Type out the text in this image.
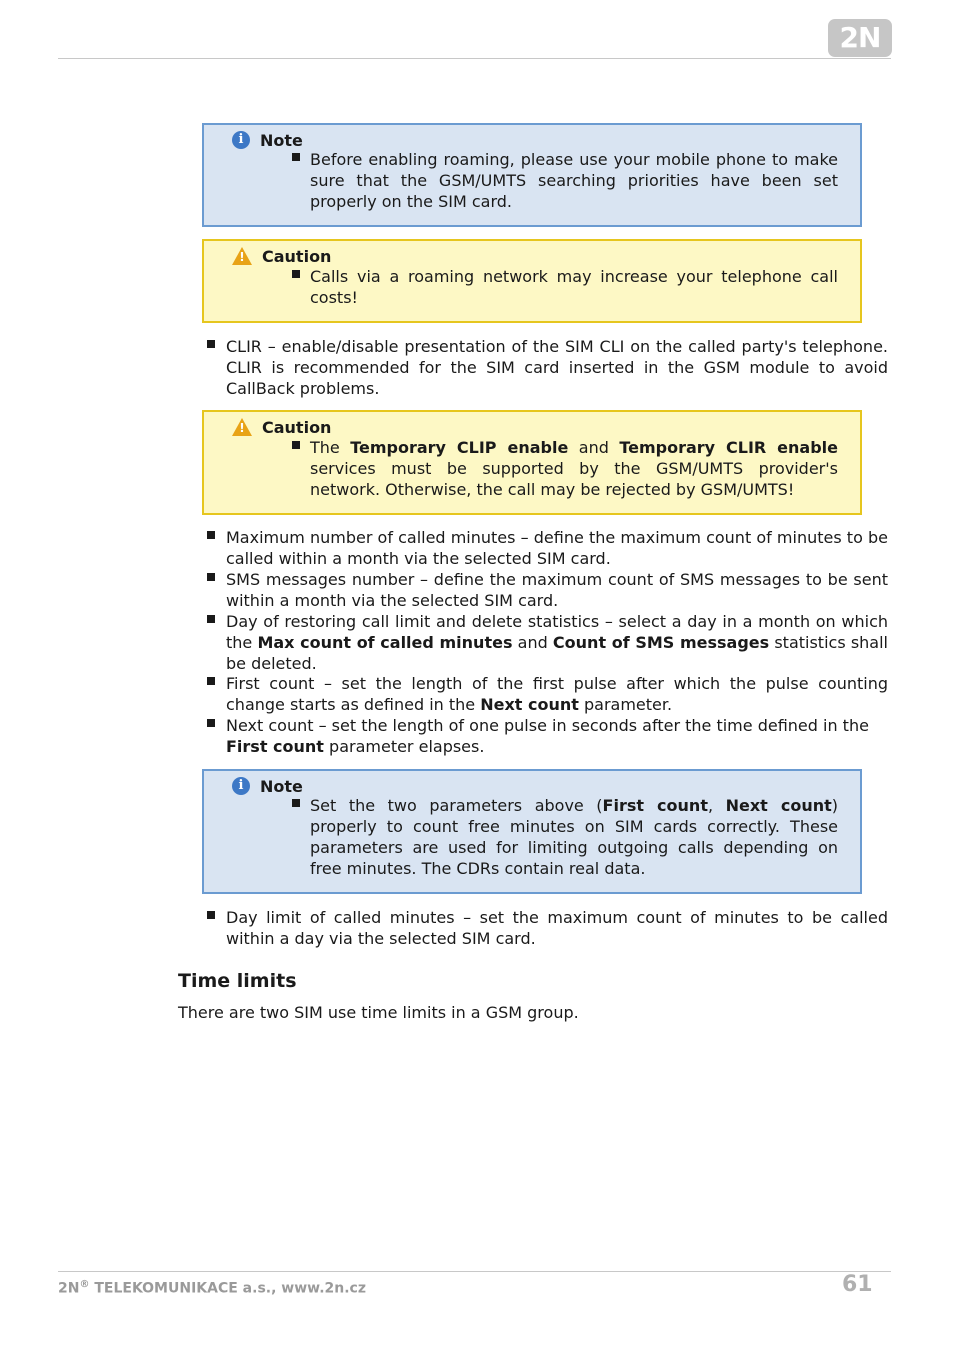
2N
i	Note
Before enabling roaming, please use your mobile phone to make sure that the GSM/UMTS searching priorities have been set properly on the SIM card.
!	Caution
Calls via a roaming network may increase your telephone call costs!
CLIR – enable/disable presentation of the SIM CLI on the called party's telephone. CLIR is recommended for the SIM card inserted in the GSM module to avoid CallBack problems.
!	Caution
The Temporary CLIP enable and Temporary CLIR enable services must be supported by the GSM/UMTS provider's network. Otherwise, the call may be rejected by GSM/UMTS!
Maximum number of called minutes – define the maximum count of minutes to be called within a month via the selected SIM card.
SMS messages number – define the maximum count of SMS messages to be sent within a month via the selected SIM card.
Day of restoring call limit and delete statistics – select a day in a month on which the Max count of called minutes and Count of SMS messages statistics shall be deleted.
First count – set the length of the first pulse after which the pulse counting change starts as defined in the Next count parameter.
Next count – set the length of one pulse in seconds after the time defined in the First count parameter elapses.
i	Note
Set the two parameters above (First count, Next count) properly to count free minutes on SIM cards correctly. These parameters are used for limiting outgoing calls depending on free minutes. The CDRs contain real data.
Day limit of called minutes – set the maximum count of minutes to be called within a day via the selected SIM card.
Time limits
There are two SIM use time limits in a GSM group.
2N® TELEKOMUNIKACE a.s., www.2n.cz	61
